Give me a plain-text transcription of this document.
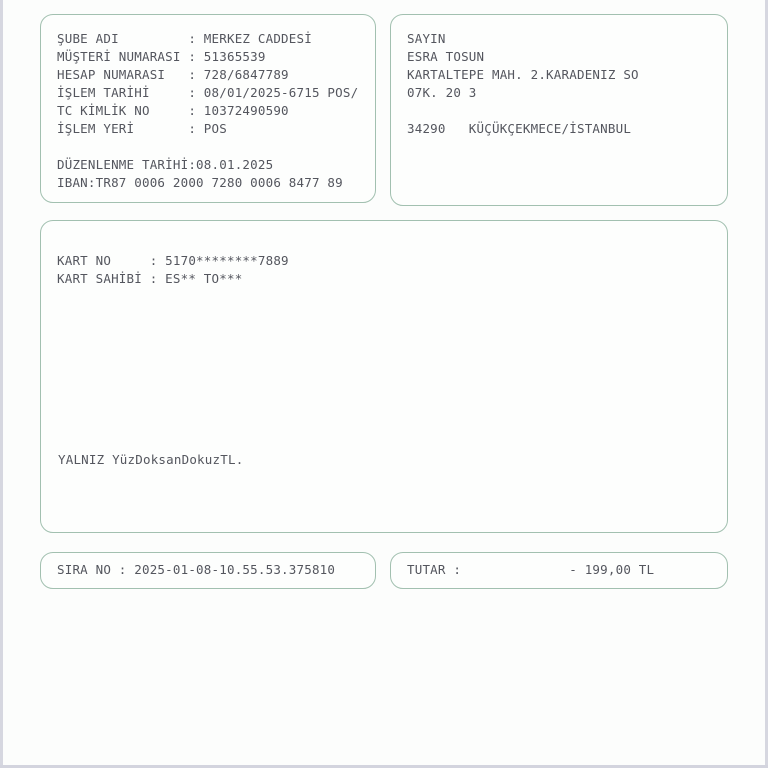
ŞUBE ADI         : MERKEZ CADDESİ
MÜŞTERİ NUMARASI : 51365539
HESAP NUMARASI   : 728/6847789
İŞLEM TARİHİ     : 08/01/2025-6715 POS/
TC KİMLİK NO     : 10372490590
İŞLEM YERİ       : POS
DÜZENLENME TARİHİ:08.01.2025
IBAN:TR87 0006 2000 7280 0006 8477 89
SAYIN
ESRA TOSUN
KARTALTEPE MAH. 2.KARADENIZ SO
07K. 20 3
34290   KÜÇÜKÇEKMECE/İSTANBUL
KART NO     : 5170********7889
KART SAHİBİ : ES** TO***
YALNIZ YüzDoksanDokuzTL.
SIRA NO : 2025-01-08-10.55.53.375810	TUTAR :              - 199,00 TL
